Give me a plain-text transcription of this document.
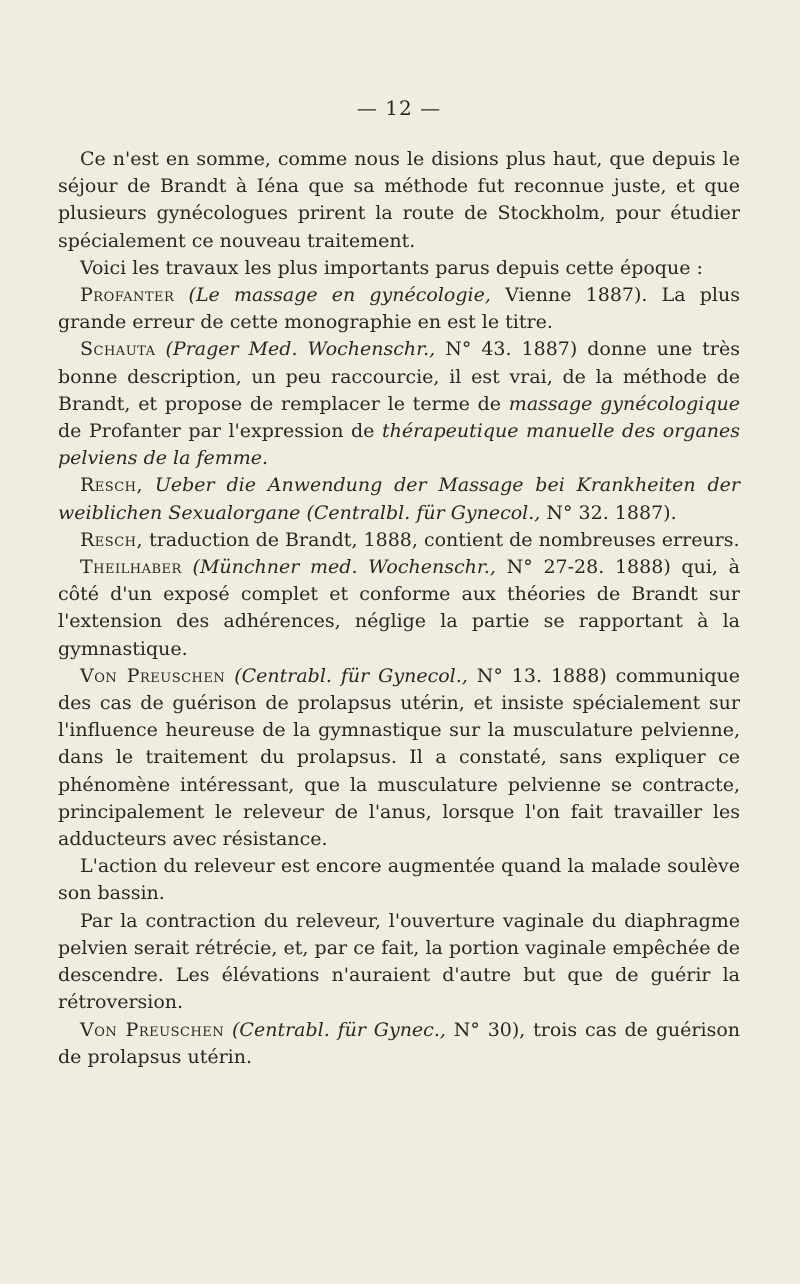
— 12 —

Ce n'est en somme, comme nous le disions plus haut, que depuis le séjour de Brandt à Iéna que sa méthode fut reconnue juste, et que plusieurs gynécologues prirent la route de Stockholm, pour étudier spécialement ce nouveau traitement.

Voici les travaux les plus importants parus depuis cette époque :

Profanter (Le massage en gynécologie, Vienne 1887). La plus grande erreur de cette monographie en est le titre.

Schauta (Prager Med. Wochenschr., N° 43. 1887) donne une très bonne description, un peu raccourcie, il est vrai, de la méthode de Brandt, et propose de remplacer le terme de massage gynécologique de Profanter par l'expression de thérapeutique manuelle des organes pelviens de la femme.

Resch, Ueber die Anwendung der Massage bei Krankheiten der weiblichen Sexualorgane (Centralbl. für Gynecol., N° 32. 1887).

Resch, traduction de Brandt, 1888, contient de nombreuses erreurs.

Theilhaber (Münchner med. Wochenschr., N° 27-28. 1888) qui, à côté d'un exposé complet et conforme aux théories de Brandt sur l'extension des adhérences, néglige la partie se rapportant à la gymnastique.

Von Preuschen (Centrabl. für Gynecol., N° 13. 1888) communique des cas de guérison de prolapsus utérin, et insiste spécialement sur l'influence heureuse de la gymnastique sur la musculature pelvienne, dans le traitement du prolapsus. Il a constaté, sans expliquer ce phénomène intéressant, que la musculature pelvienne se contracte, principalement le releveur de l'anus, lorsque l'on fait travailler les adducteurs avec résistance.

L'action du releveur est encore augmentée quand la malade soulève son bassin.

Par la contraction du releveur, l'ouverture vaginale du diaphragme pelvien serait rétrécie, et, par ce fait, la portion vaginale empêchée de descendre. Les élévations n'auraient d'autre but que de guérir la rétroversion.

Von Preuschen (Centrabl. für Gynec., N° 30), trois cas de guérison de prolapsus utérin.
